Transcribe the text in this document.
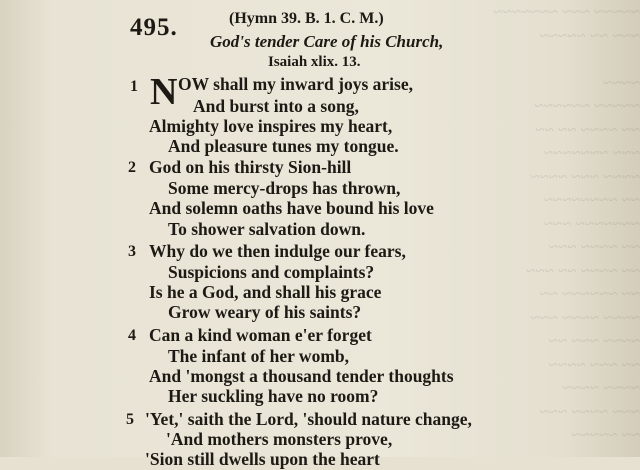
~~~~~ ~~~ ~~~~~~~
~~~ ~~ ~~~~~
~~~~
~~~~~ ~~~~~~
~~ ~~~~ ~~ ~~
~~~ ~~~~~~~
~~~~ ~~~ ~~~~
~~ ~~~~~~~~
~~~~~~~ ~~~
~~ ~~~~ ~~~
~~ ~~~~ ~~ ~~~
~~ ~~~~~~ ~~
~~~~ ~~~~ ~~~
~~~~ ~~~ ~~
~~ ~~~ ~~~~
~~~~ ~~~~
~~~ ~~~~ ~~~
~~ ~~~~~
495.	(Hymn 39. B. 1. C. M.)
God's tender Care of his Church,
Isaiah xlix. 13.
1 N OW shall my inward joys arise,
And burst into a song,
Almighty love inspires my heart,
And pleasure tunes my tongue.
2 God on his thirsty Sion-hill
Some mercy-drops has thrown,
And solemn oaths have bound his love
To shower salvation down.
3 Why do we then indulge our fears,
Suspicions and complaints?
Is he a God, and shall his grace
Grow weary of his saints?
4 Can a kind woman e'er forget
The infant of her womb,
And 'mongst a thousand tender thoughts
Her suckling have no room?
5 'Yet,' saith the Lord, 'should nature change,
'And mothers monsters prove,
'Sion still dwells upon the heart
